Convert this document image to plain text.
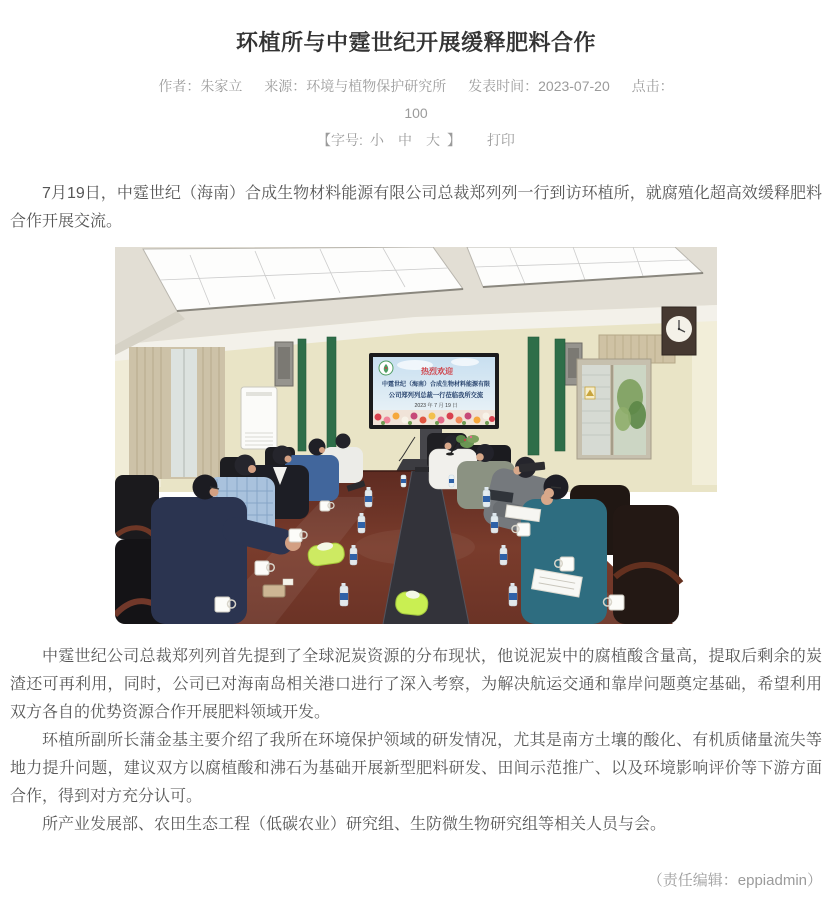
环植所与中霆世纪开展缓释肥料合作
作者：朱家立 来源：环境与植物保护研究所 发表时间：2023-07-20 点击：
100
【字号: 小 中 大 】 打印

7月19日，中霆世纪（海南）合成生物材料能源有限公司总裁郑列列一行到访环植所，就腐殖化超高效缓释肥料合作开展交流。

热烈欢迎
中霆世纪（海南）合成生物材料能源有限
公司郑列列总裁一行莅临我所交流
2023 年 7 月 19 日

中霆世纪公司总裁郑列列首先提到了全球泥炭资源的分布现状，他说泥炭中的腐植酸含量高，提取后剩余的炭渣还可再利用，同时，公司已对海南岛相关港口进行了深入考察，为解决航运交通和靠岸问题奠定基础，希望利用双方各自的优势资源合作开展肥料领域开发。

环植所副所长蒲金基主要介绍了我所在环境保护领域的研发情况，尤其是南方土壤的酸化、有机质储量流失等地力提升问题，建议双方以腐植酸和沸石为基础开展新型肥料研发、田间示范推广、以及环境影响评价等下游方面合作，得到对方充分认可。

所产业发展部、农田生态工程（低碳农业）研究组、生防微生物研究组等相关人员与会。

（责任编辑：eppiadmin）
